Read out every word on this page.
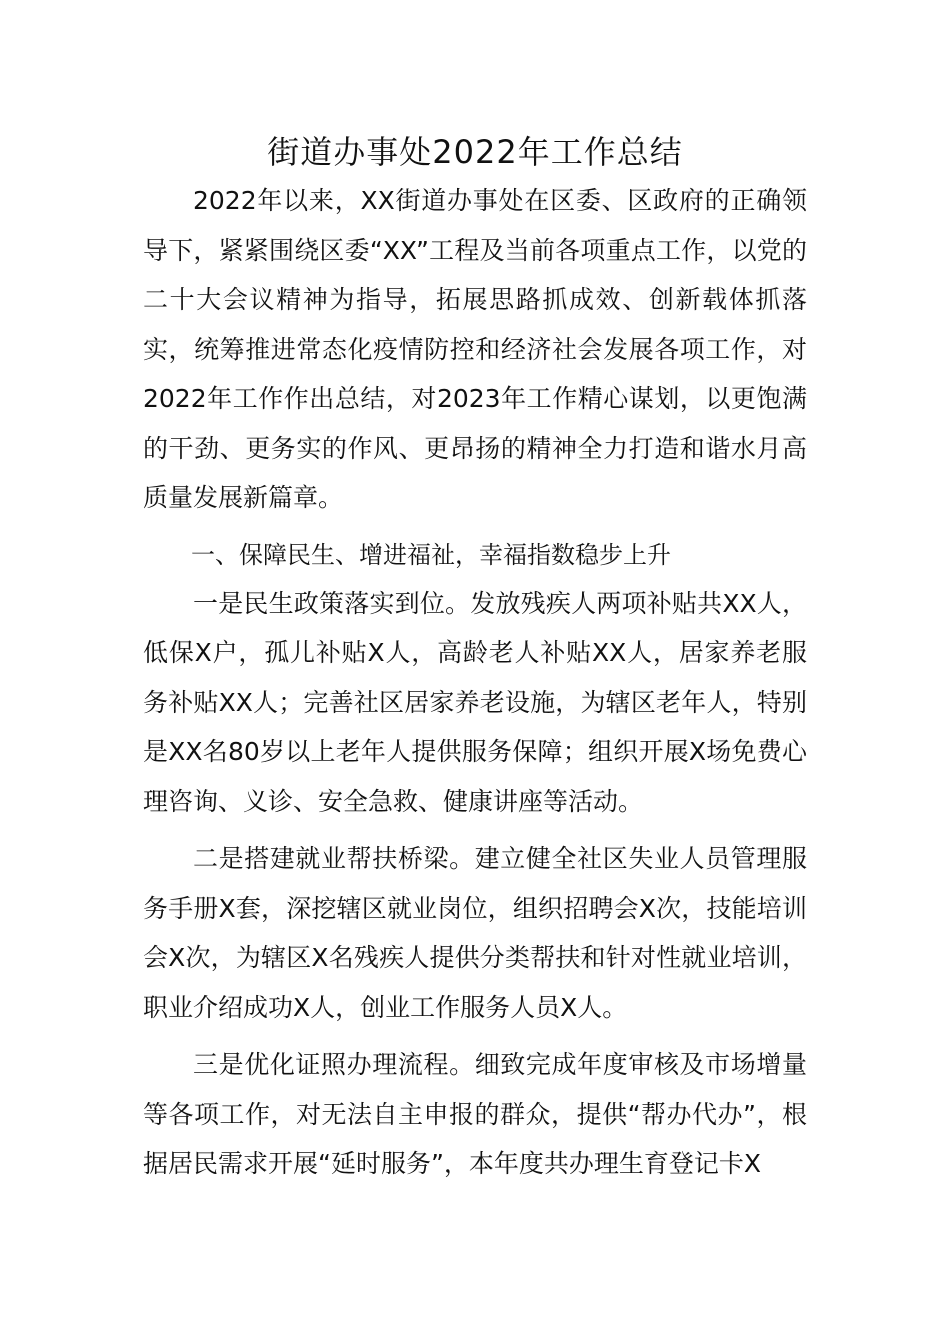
街道办事处2022年工作总结

2022年以来，XX街道办事处在区委、区政府的正确领导下，紧紧围绕区委“XX”工程及当前各项重点工作，以党的二十大会议精神为指导，拓展思路抓成效、创新载体抓落实，统筹推进常态化疫情防控和经济社会发展各项工作，对2022年工作作出总结，对2023年工作精心谋划，以更饱满的干劲、更务实的作风、更昂扬的精神全力打造和谐水月高质量发展新篇章。

一、保障民生、增进福祉，幸福指数稳步上升

一是民生政策落实到位。发放残疾人两项补贴共XX人，低保X户，孤儿补贴X人，高龄老人补贴XX人，居家养老服务补贴XX人；完善社区居家养老设施，为辖区老年人，特别是XX名80岁以上老年人提供服务保障；组织开展X场免费心理咨询、义诊、安全急救、健康讲座等活动。

二是搭建就业帮扶桥梁。建立健全社区失业人员管理服务手册X套，深挖辖区就业岗位，组织招聘会X次，技能培训会X次，为辖区X名残疾人提供分类帮扶和针对性就业培训，职业介绍成功X人，创业工作服务人员X人。

三是优化证照办理流程。细致完成年度审核及市场增量等各项工作，对无法自主申报的群众，提供“帮办代办”，根据居民需求开展“延时服务”，本年度共办理生育登记卡X
